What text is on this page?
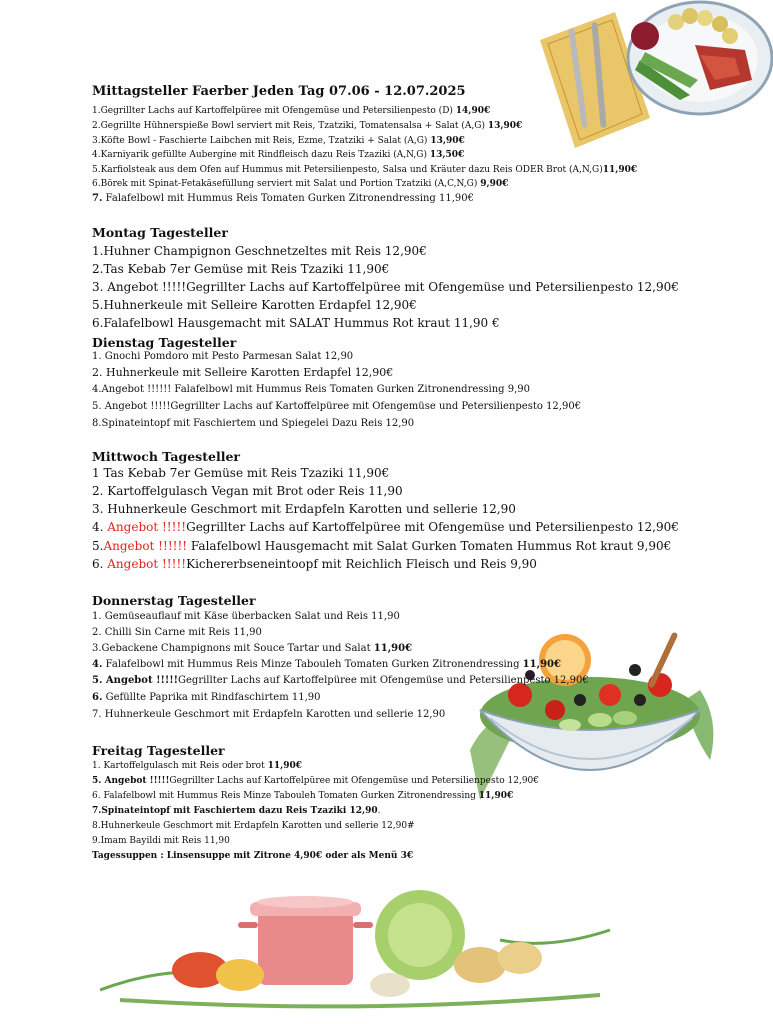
Mittagsteller Faerber Jeden Tag 07.06 - 12.07.2025
1.Gegrillter Lachs auf Kartoffelpüree mit Ofengemüse und Petersilienpesto (D) 14,90€
2.Gegrillte Hühnerspieße Bowl serviert mit Reis, Tzatziki, Tomatensalsa + Salat (A,G) 13,90€
3.Köfte Bowl - Faschierte Laibchen mit Reis, Ezme, Tzatziki + Salat (A,G) 13,90€
4.Karniyarik gefüllte Aubergine mit Rindfleisch dazu Reis Tzaziki (A,N,G) 13,50€
5.Karfiolsteak aus dem Ofen auf Hummus mit Petersilienpesto, Salsa und Kräuter dazu Reis ODER Brot (A,N,G)11,90€
6.Börek mit Spinat-Fetakäsefüllung serviert mit Salat und Portion Tzatziki (A,C,N,G) 9,90€
7. Falafelbowl mit Hummus Reis Tomaten Gurken Zitronendressing 11,90€
Montag Tagesteller
1.Huhner Champignon Geschnetzeltes mit Reis 12,90€
2.Tas Kebab 7er Gemüse mit Reis Tzaziki 11,90€
3. Angebot !!!!!Gegrillter Lachs auf Kartoffelpüree mit Ofengemüse und Petersilienpesto 12,90€
5.Huhnerkeule mit Selleire Karotten Erdapfel 12,90€
6.Falafelbowl Hausgemacht mit SALAT Hummus Rot kraut 11,90 €
Dienstag Tagesteller
1. Gnochi Pomdoro mit Pesto Parmesan Salat 12,90
2. Huhnerkeule mit Selleire Karotten Erdapfel 12,90€
4.Angebot !!!!!! Falafelbowl mit Hummus Reis Tomaten Gurken Zitronendressing 9,90
5. Angebot !!!!!Gegrillter Lachs auf Kartoffelpüree mit Ofengemüse und Petersilienpesto 12,90€
8.Spinateintopf mit Faschiertem und Spiegelei Dazu Reis 12,90
Mittwoch Tagesteller
1 Tas Kebab 7er Gemüse mit Reis Tzaziki 11,90€
2. Kartoffelgulasch Vegan mit Brot oder Reis 11,90
3. Huhnerkeule Geschmort mit Erdapfeln Karotten und sellerie 12,90
4. Angebot !!!!!Gegrillter Lachs auf Kartoffelpüree mit Ofengemüse und Petersilienpesto 12,90€
5.Angebot !!!!!! Falafelbowl Hausgemacht mit Salat Gurken Tomaten Hummus Rot kraut 9,90€
6. Angebot !!!!!Kichererbseneintoopf mit Reichlich Fleisch und Reis 9,90
Donnerstag Tagesteller
1. Gemüseauflauf mit Käse überbacken Salat und Reis 11,90
2. Chilli Sin Carne mit Reis 11,90
3.Gebackene Champignons mit Souce Tartar und Salat 11,90€
4. Falafelbowl mit Hummus Reis Minze Tabouleh Tomaten Gurken Zitronendressing 11,90€
5. Angebot !!!!!Gegrillter Lachs auf Kartoffelpüree mit Ofengemüse und Petersilienpesto 12,90€
6. Gefüllte Paprika mit Rindfaschirtem 11,90
7. Huhnerkeule Geschmort mit Erdapfeln Karotten und sellerie 12,90
Freitag Tagesteller
1. Kartoffelgulasch mit Reis oder brot 11,90€
5. Angebot !!!!!Gegrillter Lachs auf Kartoffelpüree mit Ofengemüse und Petersilienpesto 12,90€
6. Falafelbowl mit Hummus Reis Minze Tabouleh Tomaten Gurken Zitronendressing 11,90€
7.Spinateintopf mit Faschiertem dazu Reis Tzaziki 12,90.
8.Huhnerkeule Geschmort mit Erdapfeln Karotten und sellerie 12,90#
9.Imam Bayildi mit Reis 11,90
Tagessuppen : Linsensuppe mit Zitrone 4,90€ oder als Menü 3€
